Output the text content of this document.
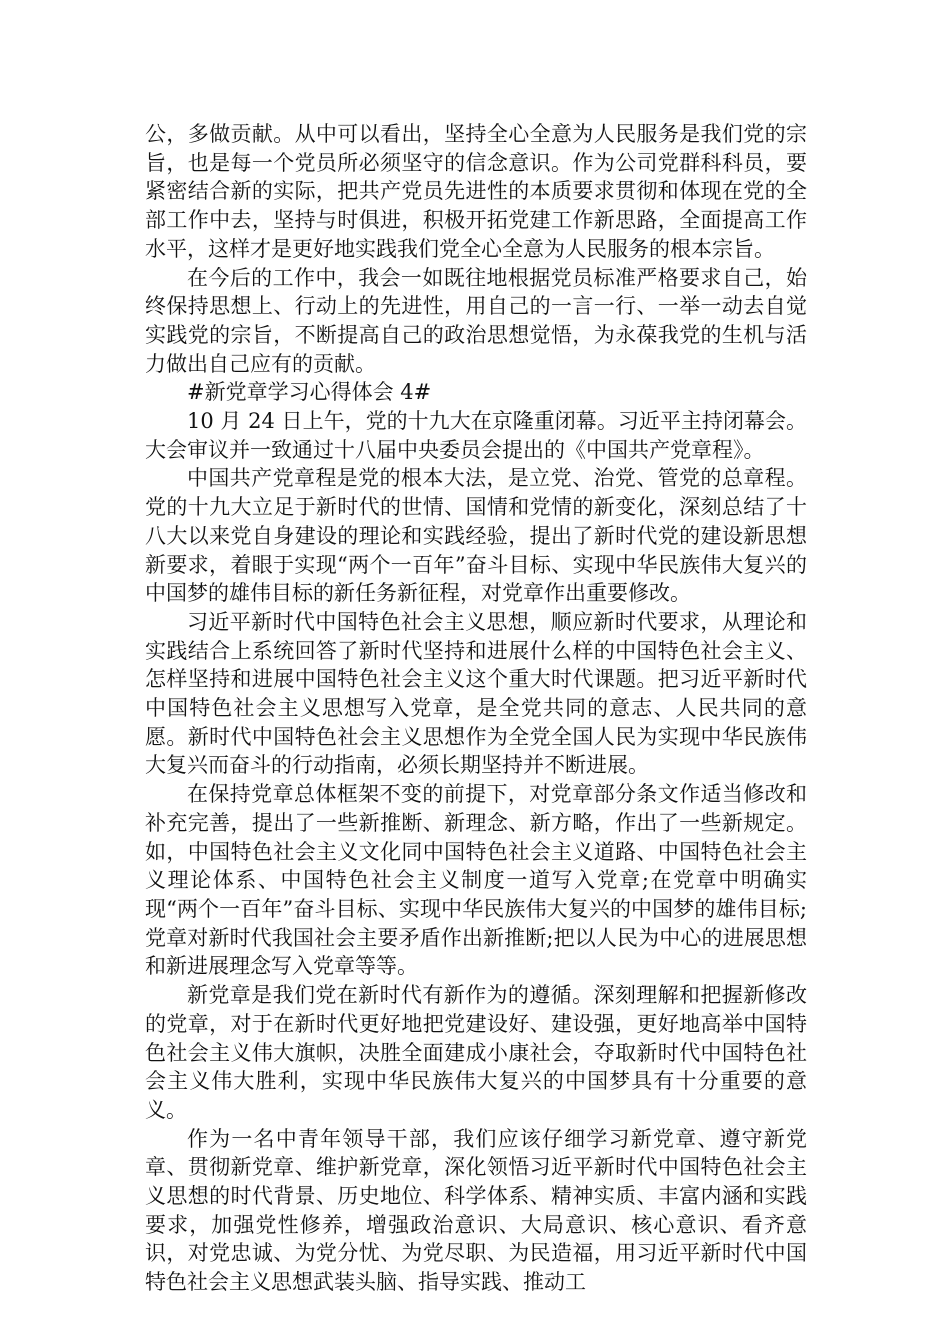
公，多做贡献。从中可以看出，坚持全心全意为人民服务是我们党的宗旨，也是每一个党员所必须坚守的信念意识。作为公司党群科科员，要紧密结合新的实际，把共产党员先进性的本质要求贯彻和体现在党的全部工作中去，坚持与时俱进，积极开拓党建工作新思路，全面提高工作水平，这样才是更好地实践我们党全心全意为人民服务的根本宗旨。

在今后的工作中，我会一如既往地根据党员标准严格要求自己，始终保持思想上、行动上的先进性，用自己的一言一行、一举一动去自觉实践党的宗旨，不断提高自己的政治思想觉悟，为永葆我党的生机与活力做出自己应有的贡献。

#新党章学习心得体会 4#

10 月 24 日上午，党的十九大在京隆重闭幕。习近平主持闭幕会。大会审议并一致通过十八届中央委员会提出的《中国共产党章程》。

中国共产党章程是党的根本大法，是立党、治党、管党的总章程。党的十九大立足于新时代的世情、国情和党情的新变化，深刻总结了十八大以来党自身建设的理论和实践经验，提出了新时代党的建设新思想新要求，着眼于实现“两个一百年”奋斗目标、实现中华民族伟大复兴的中国梦的雄伟目标的新任务新征程，对党章作出重要修改。

习近平新时代中国特色社会主义思想，顺应新时代要求，从理论和实践结合上系统回答了新时代坚持和进展什么样的中国特色社会主义、怎样坚持和进展中国特色社会主义这个重大时代课题。把习近平新时代中国特色社会主义思想写入党章，是全党共同的意志、人民共同的意愿。新时代中国特色社会主义思想作为全党全国人民为实现中华民族伟大复兴而奋斗的行动指南，必须长期坚持并不断进展。

在保持党章总体框架不变的前提下，对党章部分条文作适当修改和补充完善，提出了一些新推断、新理念、新方略，作出了一些新规定。如，中国特色社会主义文化同中国特色社会主义道路、中国特色社会主义理论体系、中国特色社会主义制度一道写入党章;在党章中明确实现“两个一百年”奋斗目标、实现中华民族伟大复兴的中国梦的雄伟目标;党章对新时代我国社会主要矛盾作出新推断;把以人民为中心的进展思想和新进展理念写入党章等等。

新党章是我们党在新时代有新作为的遵循。深刻理解和把握新修改的党章，对于在新时代更好地把党建设好、建设强，更好地高举中国特色社会主义伟大旗帜，决胜全面建成小康社会，夺取新时代中国特色社会主义伟大胜利，实现中华民族伟大复兴的中国梦具有十分重要的意义。

作为一名中青年领导干部，我们应该仔细学习新党章、遵守新党章、贯彻新党章、维护新党章，深化领悟习近平新时代中国特色社会主义思想的时代背景、历史地位、科学体系、精神实质、丰富内涵和实践要求，加强党性修养，增强政治意识、大局意识、核心意识、看齐意识，对党忠诚、为党分忧、为党尽职、为民造福，用习近平新时代中国特色社会主义思想武装头脑、指导实践、推动工
